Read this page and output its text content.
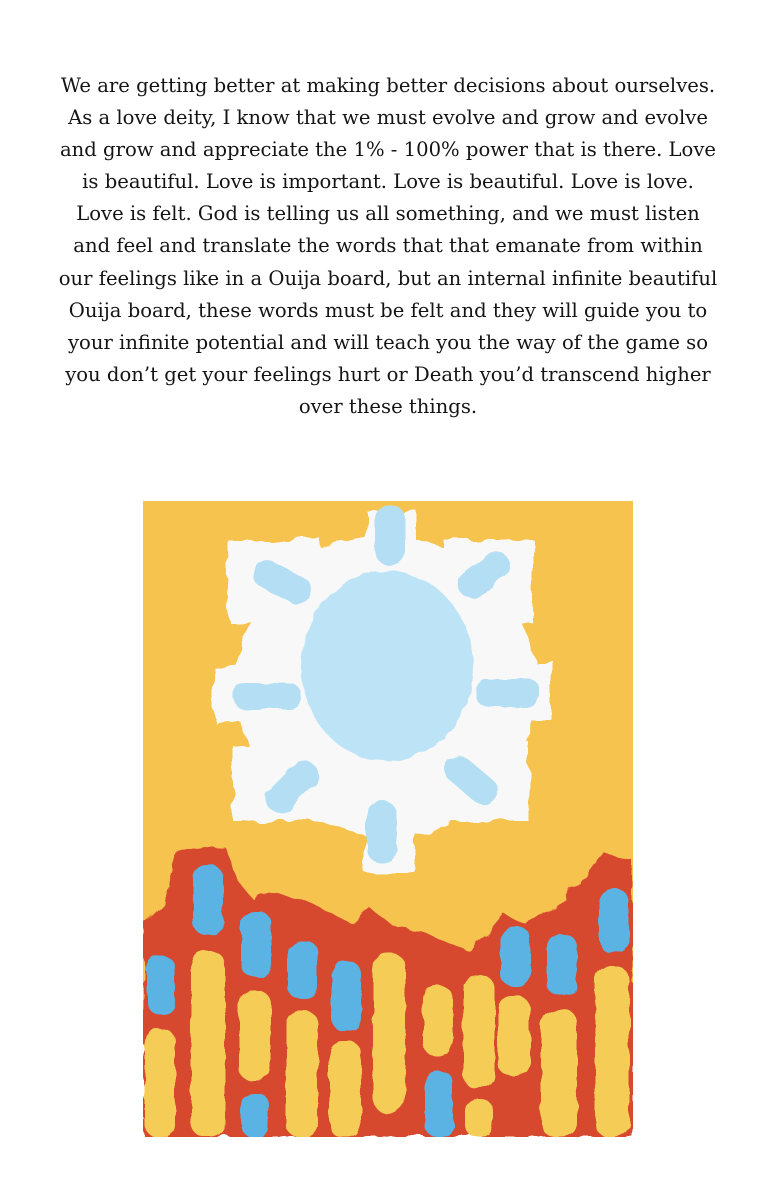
We are getting better at making better decisions about ourselves. As a love deity, I know that we must evolve and grow and evolve and grow and appreciate the 1% - 100% power that is there. Love is beautiful. Love is important. Love is beautiful. Love is love. Love is felt. God is telling us all something, and we must listen and feel and translate the words that that emanate from within our feelings like in a Ouija board, but an internal infinite beautiful Ouija board, these words must be felt and they will guide you to your infinite potential and will teach you the way of the game so you don’t get your feelings hurt or Death you’d transcend higher over these things.
